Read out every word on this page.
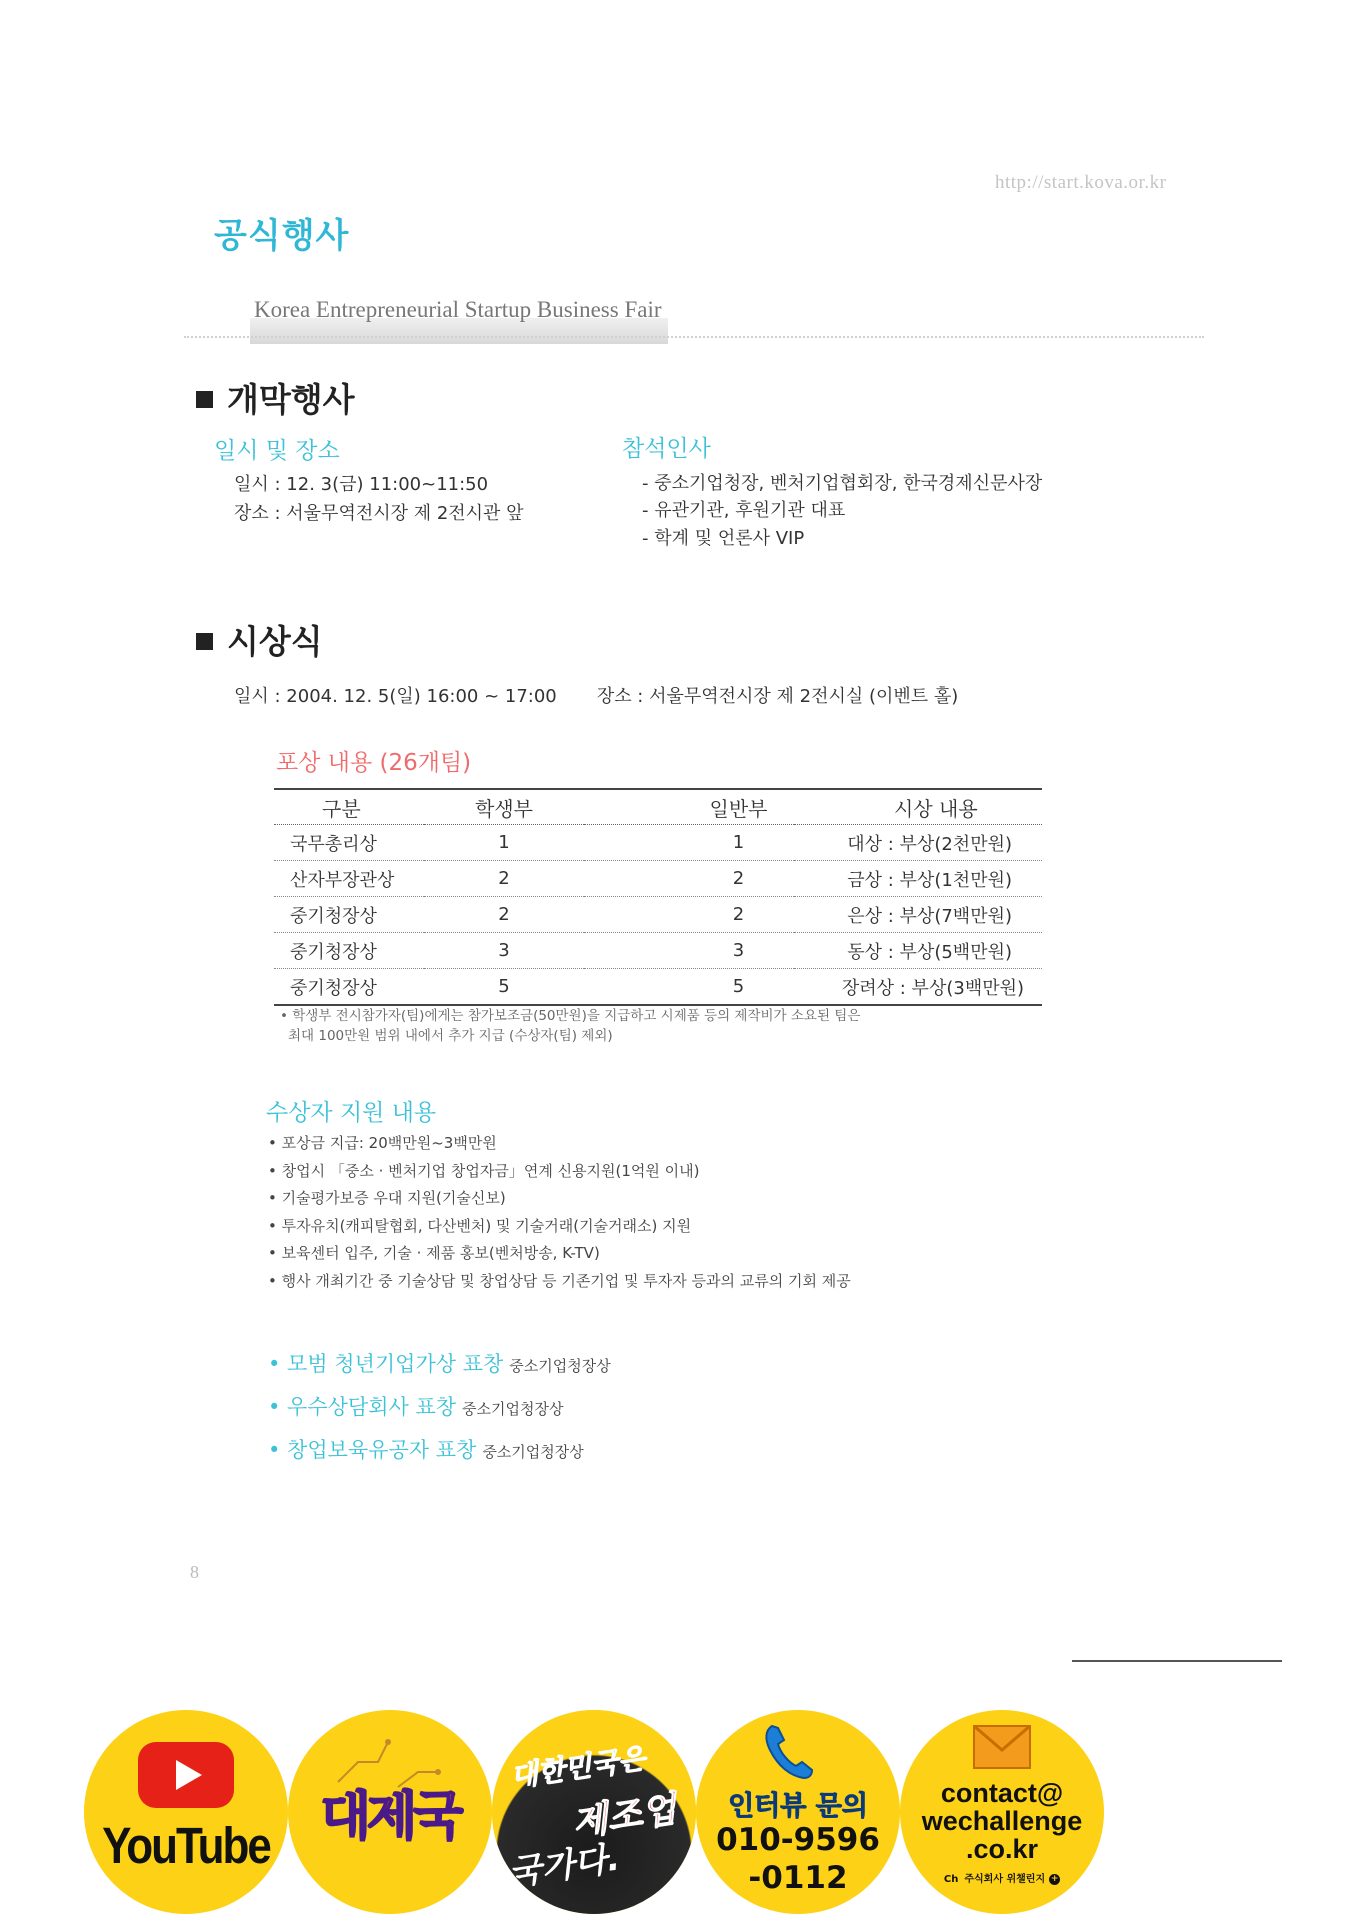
http://start.kova.or.kr
공식행사
Korea Entrepreneurial Startup Business Fair
개막행사
일시 및 장소
일시 : 12. 3(금) 11:00~11:50
장소 : 서울무역전시장 제 2전시관 앞
참석인사
- 중소기업청장, 벤처기업협회장, 한국경제신문사장
- 유관기관, 후원기관 대표
- 학계 및 언론사 VIP
시상식
일시 : 2004. 12. 5(일) 16:00 ~ 17:00       장소 : 서울무역전시장 제 2전시실 (이벤트 홀)
포상 내용 (26개팀)
구분	학생부	일반부	시상 내용
국무총리상	1	1	대상 : 부상(2천만원)
산자부장관상	2	2	금상 : 부상(1천만원)
중기청장상	2	2	은상 : 부상(7백만원)
중기청장상	3	3	동상 : 부상(5백만원)
중기청장상	5	5	장려상 : 부상(3백만원)
• 학생부 전시참가자(팀)에게는 참가보조금(50만원)을 지급하고 시제품 등의 제작비가 소요된 팀은
최대 100만원 범위 내에서 추가 지급 (수상자(팀) 제외)
수상자 지원 내용
• 포상금 지급: 20백만원~3백만원
• 창업시 「중소 · 벤처기업 창업자금」연계 신용지원(1억원 이내)
• 기술평가보증 우대 지원(기술신보)
• 투자유치(캐피탈협회, 다산벤처) 및 기술거래(기술거래소) 지원
• 보육센터 입주, 기술 · 제품 홍보(벤처방송, K-TV)
• 행사 개최기간 중 기술상담 및 창업상담 등 기존기업 및 투자자 등과의 교류의 기회 제공
• 모범 청년기업가상 표창 중소기업청장상
• 우수상담회사 표창 중소기업청장상
• 창업보육유공자 표창 중소기업청장상
8
YouTube 대제국
대한민국은
제조업
국가다.
인터뷰 문의
010-9596
-0112
contact@
wechallenge
.co.kr
Ch 주식회사 위챌린지 +
